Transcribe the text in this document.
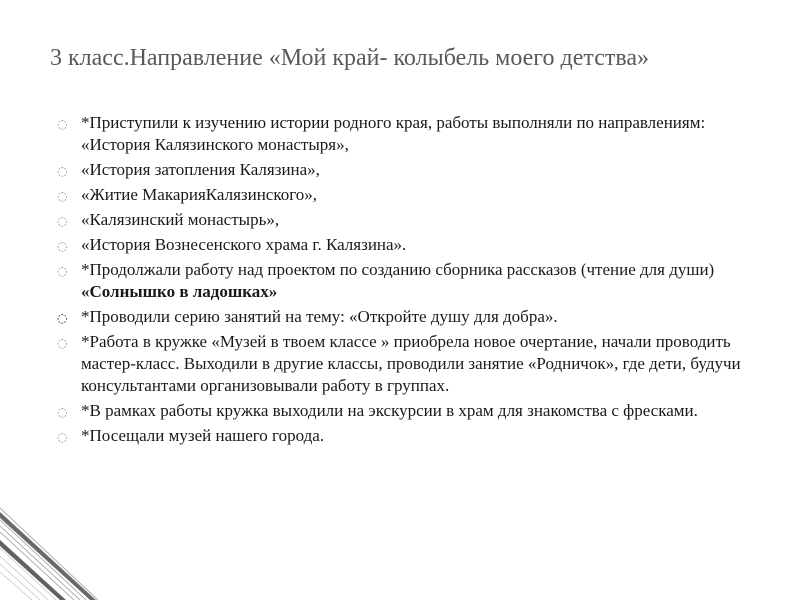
3 класс.Направление «Мой край- колыбель моего детства»
◌ *Приступили к изучению истории родного края, работы выполняли по направлениям: «История Калязинского монастыря»,
◌ «История затопления Калязина»,
◌ «Житие МакарияКалязинского»,
◌ «Калязинский монастырь»,
◌ «История Вознесенского храма г. Калязина».
◌ *Продолжали работу над проектом по созданию сборника рассказов (чтение для души) «Солнышко в ладошках»
◌ *Проводили серию занятий на тему: «Откройте душу для добра».
◌ *Работа в кружке «Музей в твоем классе » приобрела новое очертание, начали проводить мастер-класс. Выходили в другие классы, проводили занятие «Родничок», где дети, будучи консультантами организовывали работу в группах.
◌ *В рамках работы кружка выходили на экскурсии в храм для знакомства с фресками.
◌ *Посещали музей нашего города.
